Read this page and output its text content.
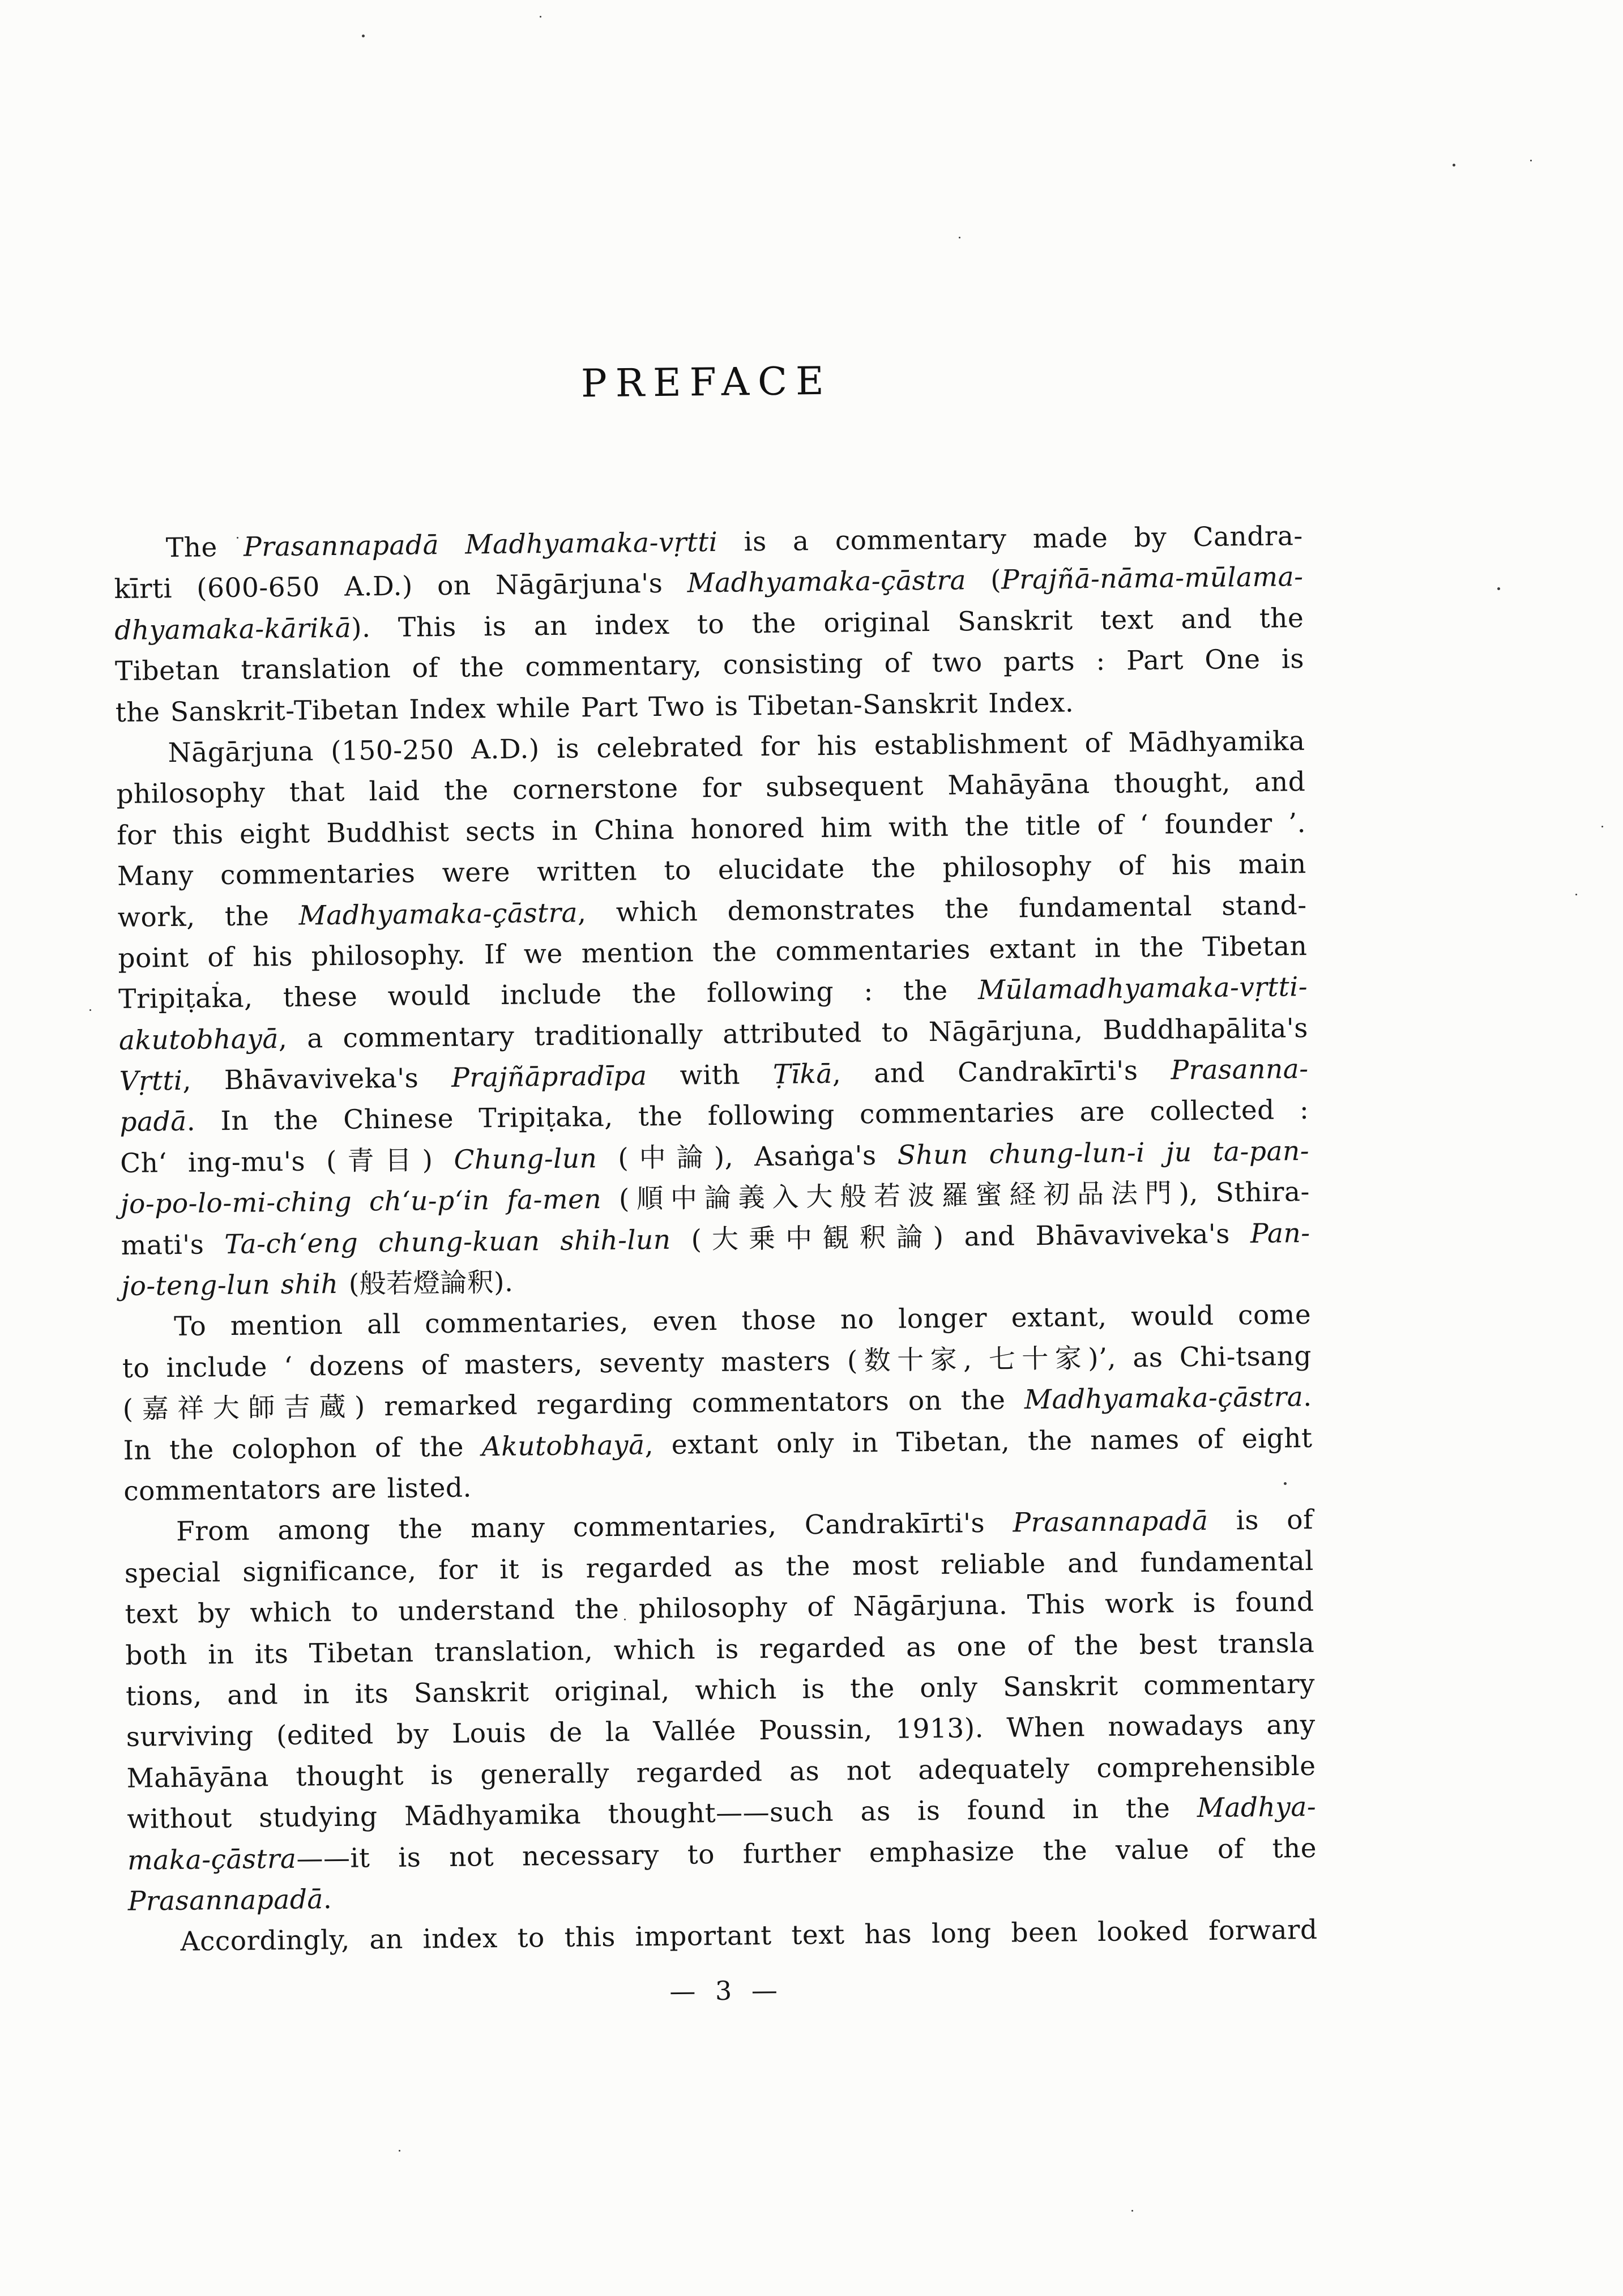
PREFACE
The Prasannapadā Madhyamaka-vṛtti is a commentary made by Candra-
kīrti (600-650 A.D.) on Nāgārjuna's Madhyamaka-çāstra (Prajñā-nāma-mūlama-
dhyamaka-kārikā). This is an index to the original Sanskrit text and the
Tibetan translation of the commentary, consisting of two parts : Part One is
the Sanskrit-Tibetan Index while Part Two is Tibetan-Sanskrit Index.
Nāgārjuna (150-250 A.D.) is celebrated for his establishment of Mādhyamika
philosophy that laid the cornerstone for subsequent Mahāyāna thought, and
for this eight Buddhist sects in China honored him with the title of ‘ founder ’.
Many commentaries were written to elucidate the philosophy of his main
work, the Madhyamaka-çāstra, which demonstrates the fundamental stand-
point of his philosophy. If we mention the commentaries extant in the Tibetan
Tripiṭaka, these would include the following : the Mūlamadhyamaka-vṛtti-
akutobhayā, a commentary traditionally attributed to Nāgārjuna, Buddhapālita's
Vṛtti, Bhāvaviveka's Prajñāpradīpa with Ṭīkā, and Candrakīrti's Prasanna-
padā. In the Chinese Tripiṭaka, the following commentaries are collected :
Ch‘ ing-mu's (青目) Chung-lun (中論), Asaṅga's Shun chung-lun-i ju ta-pan-
jo-po-lo-mi-ching ch‘u-p‘in fa-men (順中論義入大般若波羅蜜経初品法門), Sthira-
mati's Ta-ch‘eng chung-kuan shih-lun (大乗中観釈論) and Bhāvaviveka's Pan-
jo-teng-lun shih (般若燈論釈).
To mention all commentaries, even those no longer extant, would come
to include ‘ dozens of masters, seventy masters (数十家, 七十家)’, as Chi-tsang
(嘉祥大師吉蔵) remarked regarding commentators on the Madhyamaka-çāstra.
In the colophon of the Akutobhayā, extant only in Tibetan, the names of eight
commentators are listed.
From among the many commentaries, Candrakīrti's Prasannapadā is of
special significance, for it is regarded as the most reliable and fundamental
text by which to understand the philosophy of Nāgārjuna. This work is found
both in its Tibetan translation, which is regarded as one of the best transla
tions, and in its Sanskrit original, which is the only Sanskrit commentary
surviving (edited by Louis de la Vallée Poussin, 1913). When nowadays any
Mahāyāna thought is generally regarded as not adequately comprehensible
without studying Mādhyamika thought——such as is found in the Madhya-
maka-çāstra——it is not necessary to further emphasize the value of the
Prasannapadā.
Accordingly, an index to this important text has long been looked forward
— 3 —
